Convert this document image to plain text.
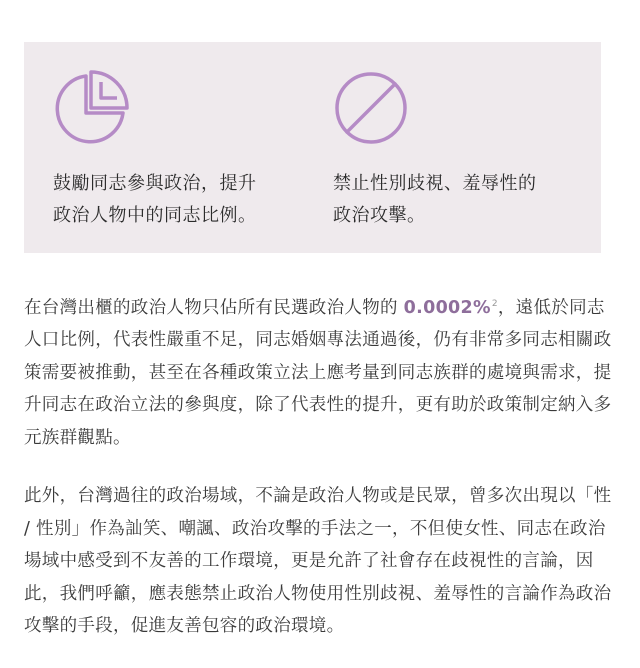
鼓勵同志參與政治，提升
政治人物中的同志比例。
禁止性別歧視、羞辱性的
政治攻擊。

在台灣出櫃的政治人物只佔所有民選政治人物的 0.0002%$^2$，遠低於同志人口比例，代表性嚴重不足，同志婚姻專法通過後，仍有非常多同志相關政策需要被推動，甚至在各種政策立法上應考量到同志族群的處境與需求，提升同志在政治立法的參與度，除了代表性的提升，更有助於政策制定納入多元族群觀點。

此外，台灣過往的政治場域，不論是政治人物或是民眾，曾多次出現以「性 / 性別」作為訕笑、嘲諷、政治攻擊的手法之一，不但使女性、同志在政治場域中感受到不友善的工作環境，更是允許了社會存在歧視性的言論，因此，我們呼籲，應表態禁止政治人物使用性別歧視、羞辱性的言論作為政治攻擊的手段，促進友善包容的政治環境。
